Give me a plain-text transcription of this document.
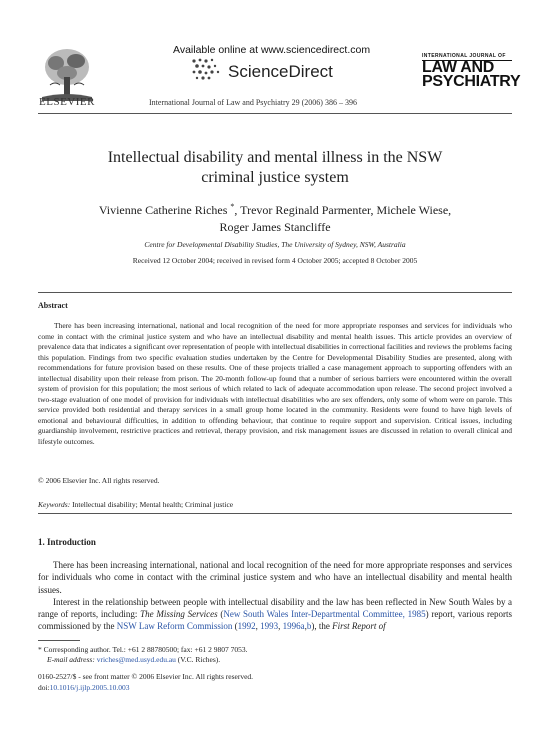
ELSEVIER
Available online at www.sciencedirect.com
ScienceDirect
International Journal of Law and Psychiatry 29 (2006) 386 – 396
INTERNATIONAL JOURNAL OF
LAW AND
PSYCHIATRY
Intellectual disability and mental illness in the NSW
criminal justice system
Vivienne Catherine Riches *, Trevor Reginald Parmenter, Michele Wiese,
Roger James Stancliffe
Centre for Developmental Disability Studies, The University of Sydney, NSW, Australia
Received 12 October 2004; received in revised form 4 October 2005; accepted 8 October 2005
Abstract
There has been increasing international, national and local recognition of the need for more appropriate responses and services for individuals who come in contact with the criminal justice system and who have an intellectual disability and mental health issues. This article provides an overview of prevalence data that indicates a significant over representation of people with intellectual disabilities in correctional facilities and reviews the problems facing this population. Findings from two specific evaluation studies undertaken by the Centre for Developmental Disability Studies are presented, along with recommendations for future provision based on these results. One of these projects trialled a case management approach to supporting offenders with an intellectual disability upon their release from prison. The 20-month follow-up found that a number of serious barriers were encountered within the overall system of provision for this population; the most serious of which related to lack of adequate accommodation upon release. The second project involved a two-stage evaluation of one model of provision for individuals with intellectual disabilities who are sex offenders, only some of whom were on parole. This service provided both residential and therapy services in a small group home located in the community. Residents were found to have high levels of emotional and behavioural difficulties, in addition to offending behaviour, that continue to require support and supervision. Critical issues, including guardianship involvement, restrictive practices and retrieval, therapy provision, and risk management issues are discussed in relation to overall clinical and lifestyle outcomes.
© 2006 Elsevier Inc. All rights reserved.
Keywords: Intellectual disability; Mental health; Criminal justice
1. Introduction

There has been increasing international, national and local recognition of the need for more appropriate responses and services for individuals who come in contact with the criminal justice system and who have an intellectual disability and mental health issues.

Interest in the relationship between people with intellectual disability and the law has been reflected in New South Wales by a range of reports, including: The Missing Services (New South Wales Inter-Departmental Committee, 1985) report, various reports commissioned by the NSW Law Reform Commission (1992, 1993, 1996a,b), the First Report of

* Corresponding author. Tel.: +61 2 88780500; fax: +61 2 9807 7053.
E-mail address: vriches@med.usyd.edu.au (V.C. Riches).
0160-2527/$ - see front matter © 2006 Elsevier Inc. All rights reserved.
doi:10.1016/j.ijlp.2005.10.003
